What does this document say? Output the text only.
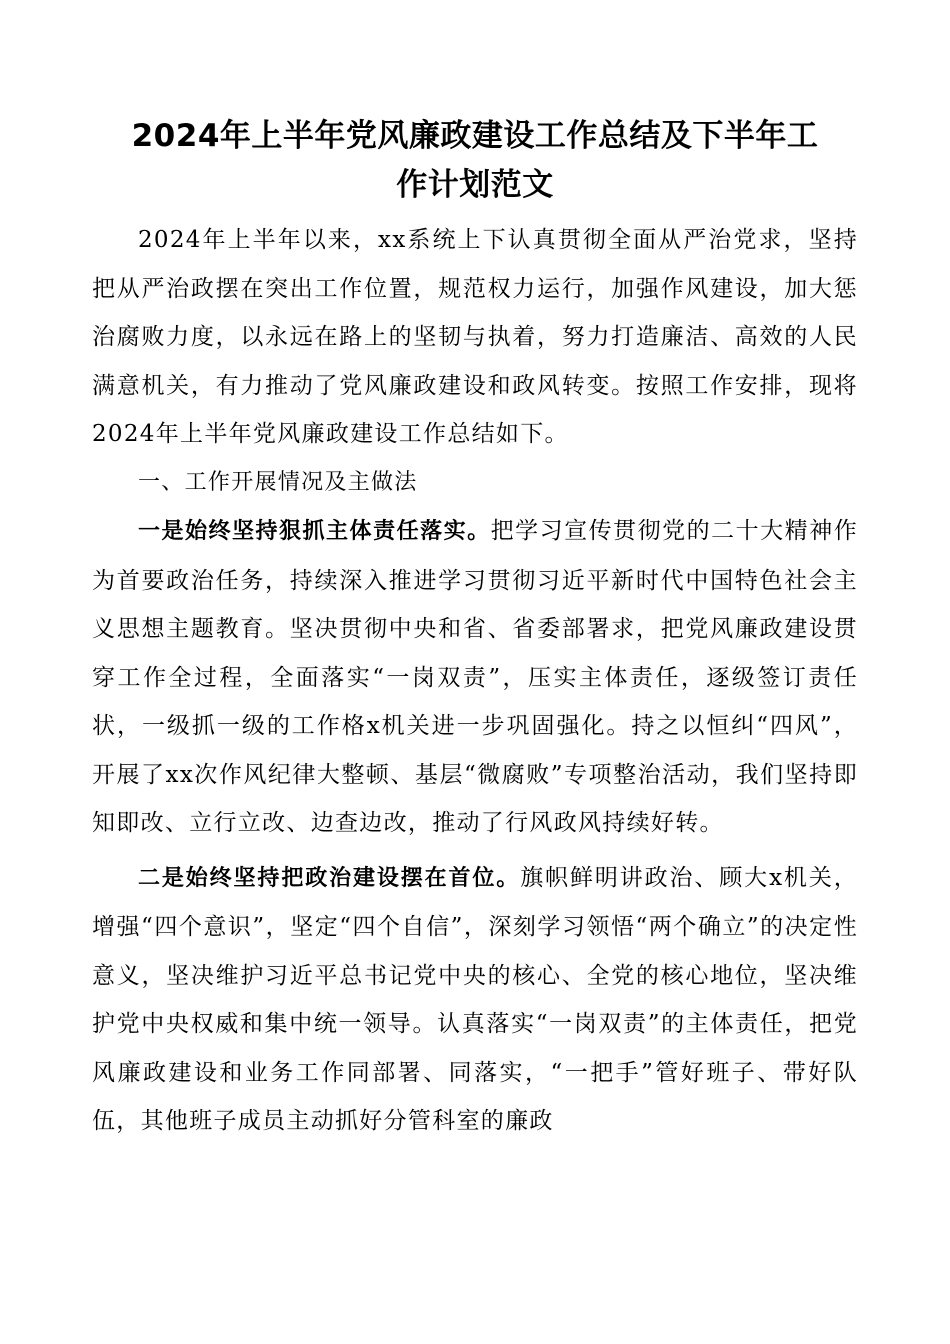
2024年上半年党风廉政建设工作总结及下半年工
作计划范文

2024年上半年以来，xx系统上下认真贯彻全面从严治党求，坚持把从严治政摆在突出工作位置，规范权力运行，加强作风建设，加大惩治腐败力度，以永远在路上的坚韧与执着，努力打造廉洁、高效的人民满意机关，有力推动了党风廉政建设和政风转变。按照工作安排，现将2024年上半年党风廉政建设工作总结如下。

一、工作开展情况及主做法

一是始终坚持狠抓主体责任落实。把学习宣传贯彻党的二十大精神作为首要政治任务，持续深入推进学习贯彻习近平新时代中国特色社会主义思想主题教育。坚决贯彻中央和省、省委部署求，把党风廉政建设贯穿工作全过程，全面落实“一岗双责”，压实主体责任，逐级签订责任状，一级抓一级的工作格x机关进一步巩固强化。持之以恒纠“四风”，开展了xx次作风纪律大整顿、基层“微腐败”专项整治活动，我们坚持即知即改、立行立改、边查边改，推动了行风政风持续好转。

二是始终坚持把政治建设摆在首位。旗帜鲜明讲政治、顾大x机关，增强“四个意识”，坚定“四个自信”，深刻学习领悟“两个确立”的决定性意义，坚决维护习近平总书记党中央的核心、全党的核心地位，坚决维护党中央权威和集中统一领导。认真落实“一岗双责”的主体责任，把党风廉政建设和业务工作同部署、同落实，“一把手”管好班子、带好队伍，其他班子成员主动抓好分管科室的廉政
